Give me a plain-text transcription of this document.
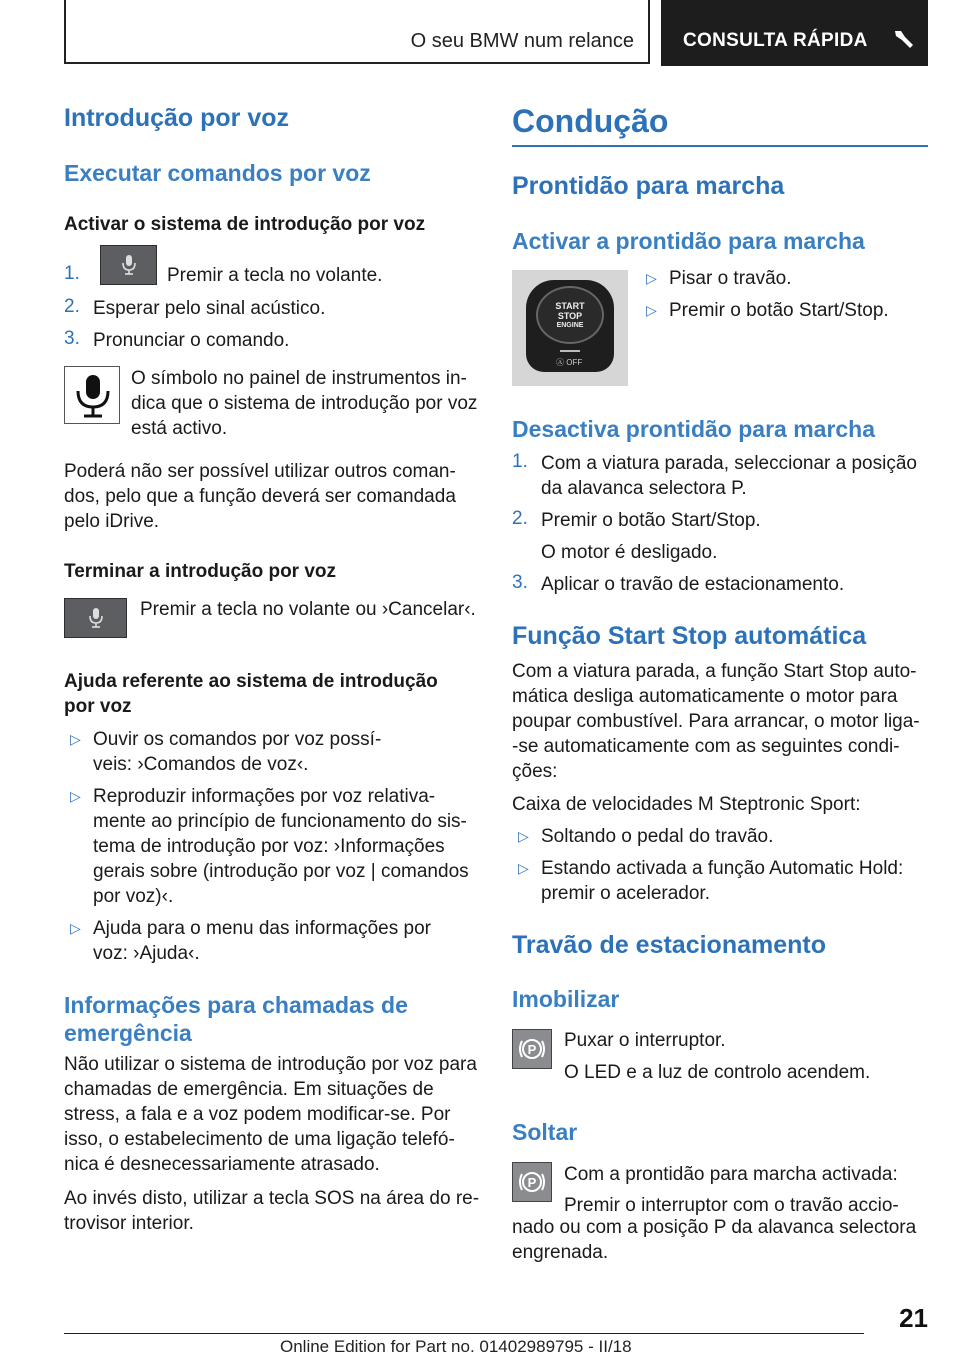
O seu BMW num relance	CONSULTA RÁPIDA
Introdução por voz
Executar comandos por voz
Activar o sistema de introdução por voz
1.	Premir a tecla no volante.
2. Esperar pelo sinal acústico.
3. Pronunciar o comando.
O símbolo no painel de instrumentos in-
dica que o sistema de introdução por voz
está activo.
Poderá não ser possível utilizar outros coman-
dos, pelo que a função deverá ser comandada
pelo iDrive.
Terminar a introdução por voz
Premir a tecla no volante ou ›Cancelar‹.
Ajuda referente ao sistema de introdução
por voz
▷ Ouvir os comandos por voz possí-
veis: ›Comandos de voz‹.
▷ Reproduzir informações por voz relativa-
mente ao princípio de funcionamento do sis-
tema de introdução por voz: ›Informações
gerais sobre (introdução por voz | comandos
por voz)‹.
▷ Ajuda para o menu das informações por
voz: ›Ajuda‹.
Informações para chamadas de
emergência
Não utilizar o sistema de introdução por voz para
chamadas de emergência. Em situações de
stress, a fala e a voz podem modificar-se. Por
isso, o estabelecimento de uma ligação telefó-
nica é desnecessariamente atrasado.
Ao invés disto, utilizar a tecla SOS na área do re-
trovisor interior.
Condução
Prontidão para marcha
Activar a prontidão para marcha
START
STOP
ENGINE
Ⓐ OFF
▷ Pisar o travão.
▷ Premir o botão Start/Stop.
Desactiva prontidão para marcha
1. Com a viatura parada, seleccionar a posição
da alavanca selectora P.
2. Premir o botão Start/Stop.
O motor é desligado.
3. Aplicar o travão de estacionamento.
Função Start Stop automática
Com a viatura parada, a função Start Stop auto-
mática desliga automaticamente o motor para
poupar combustível. Para arrancar, o motor liga-
-se automaticamente com as seguintes condi-
ções:
Caixa de velocidades M Steptronic Sport:
▷ Soltando o pedal do travão.
▷ Estando activada a função Automatic Hold:
premir o acelerador.
Travão de estacionamento
Imobilizar
P Puxar o interruptor.
O LED e a luz de controlo acendem.
Soltar
P Com a prontidão para marcha activada:
Premir o interruptor com o travão accio-
nado ou com a posição P da alavanca selectora
engrenada.
21
Online Edition for Part no. 01402989795 - II/18
